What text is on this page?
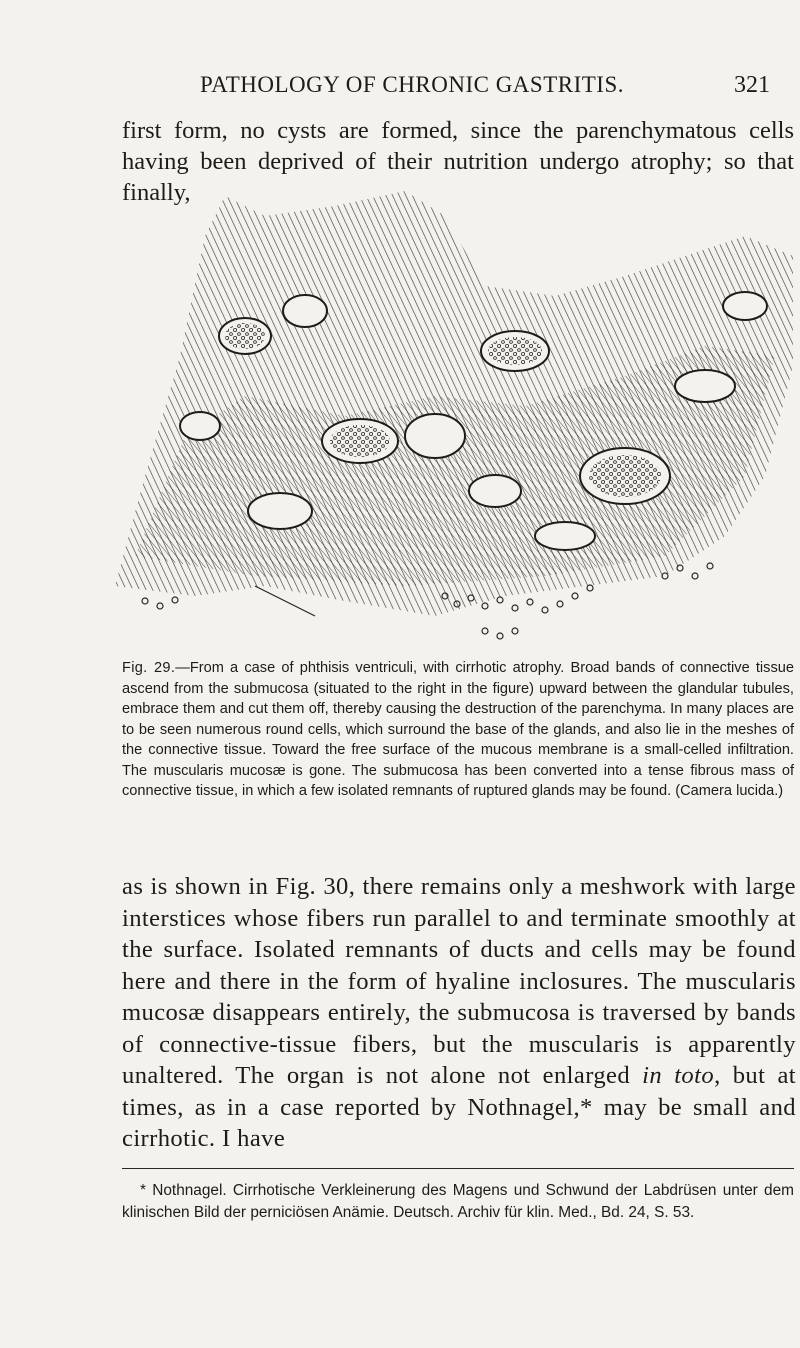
PATHOLOGY OF CHRONIC GASTRITIS.	321

first form, no cysts are formed, since the parenchymatous cells having been deprived of their nutrition undergo atrophy; so that finally,

Fig. 29.—From a case of phthisis ventriculi, with cirrhotic atrophy. Broad bands of connective tissue ascend from the submucosa (situated to the right in the figure) upward between the glandular tubules, embrace them and cut them off, thereby causing the destruction of the parenchyma. In many places are to be seen numerous round cells, which surround the base of the glands, and also lie in the meshes of the connective tissue. Toward the free surface of the mucous membrane is a small-celled infiltration. The muscularis mucosæ is gone. The submucosa has been converted into a tense fibrous mass of connective tissue, in which a few isolated remnants of ruptured glands may be found. (Camera lucida.)

as is shown in Fig. 30, there remains only a meshwork with large interstices whose fibers run parallel to and terminate smoothly at the surface. Isolated remnants of ducts and cells may be found here and there in the form of hyaline inclosures. The muscularis mucosæ disappears entirely, the submucosa is traversed by bands of connective-tissue fibers, but the muscularis is apparently unaltered. The organ is not alone not enlarged in toto, but at times, as in a case reported by Nothnagel,* may be small and cirrhotic. I have

* Nothnagel. Cirrhotische Verkleinerung des Magens und Schwund der Labdrüsen unter dem klinischen Bild der perniciösen Anämie. Deutsch. Archiv für klin. Med., Bd. 24, S. 53.
